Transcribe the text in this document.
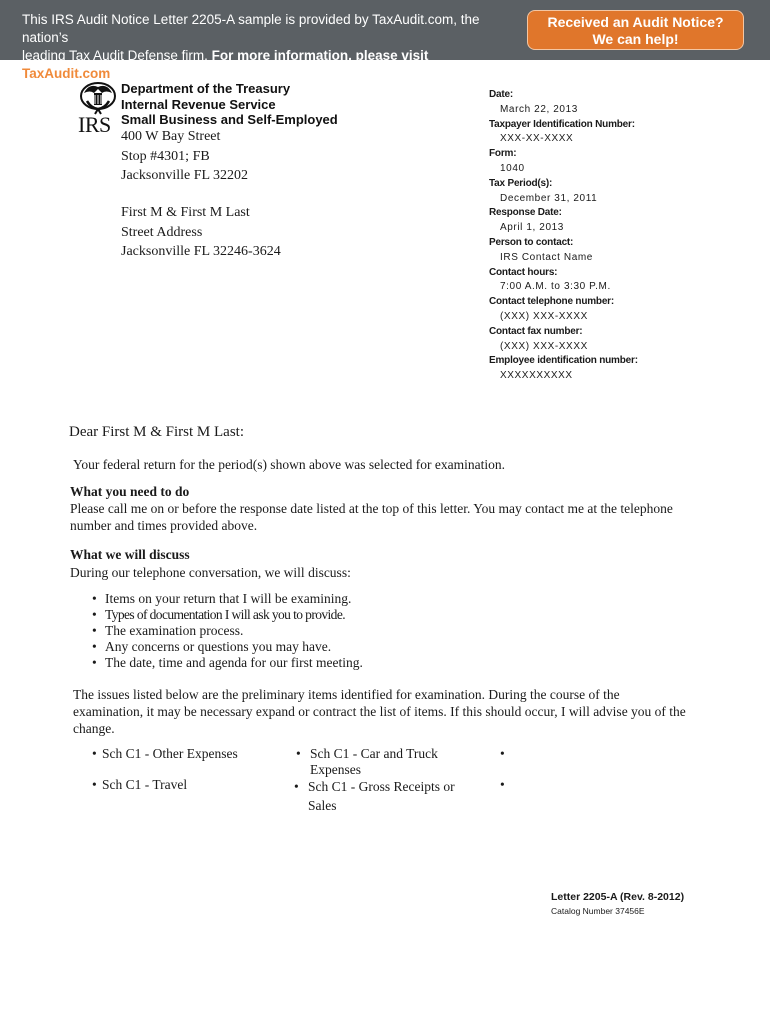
This IRS Audit Notice Letter 2205-A sample is provided by TaxAudit.com, the nation’s
leading Tax Audit Defense firm. For more information, please visit TaxAudit.com.
Received an Audit Notice?
We can help!
IRS
Department of the Treasury
Internal Revenue Service
Small Business and Self-Employed
400 W Bay Street
Stop #4301; FB
Jacksonville FL 32202
First M & First M Last
Street Address
Jacksonville FL 32246-3624
Date:
March 22, 2013
Taxpayer Identification Number:
XXX-XX-XXXX
Form:
1040
Tax Period(s):
December 31, 2011
Response Date:
April 1, 2013
Person to contact:
IRS Contact Name
Contact hours:
7:00 A.M. to 3:30 P.M.
Contact telephone number:
(XXX) XXX-XXXX
Contact fax number:
(XXX) XXX-XXXX
Employee identification number:
XXXXXXXXXX
Dear First M & First M Last:
Your federal return for the period(s) shown above was selected for examination.
What you need to do
Please call me on or before the response date listed at the top of this letter. You may contact me at the telephone
number and times provided above.
What we will discuss
During our telephone conversation, we will discuss:
• Items on your return that I will be examining.
• Types of documentation I will ask you to provide.
• The examination process.
• Any concerns or questions you may have.
• The date, time and agenda for our first meeting.
The issues listed below are the preliminary items identified for examination. During the course of the
examination, it may be necessary expand or contract the list of items. If this should occur, I will advise you of the
change.
• Sch C1 - Other Expenses
• Sch C1 - Travel
• Sch C1 - Car and Truck
Expenses
• Sch C1 - Gross Receipts or
Sales
•
•
Letter 2205-A (Rev. 8-2012)
Catalog Number 37456E
